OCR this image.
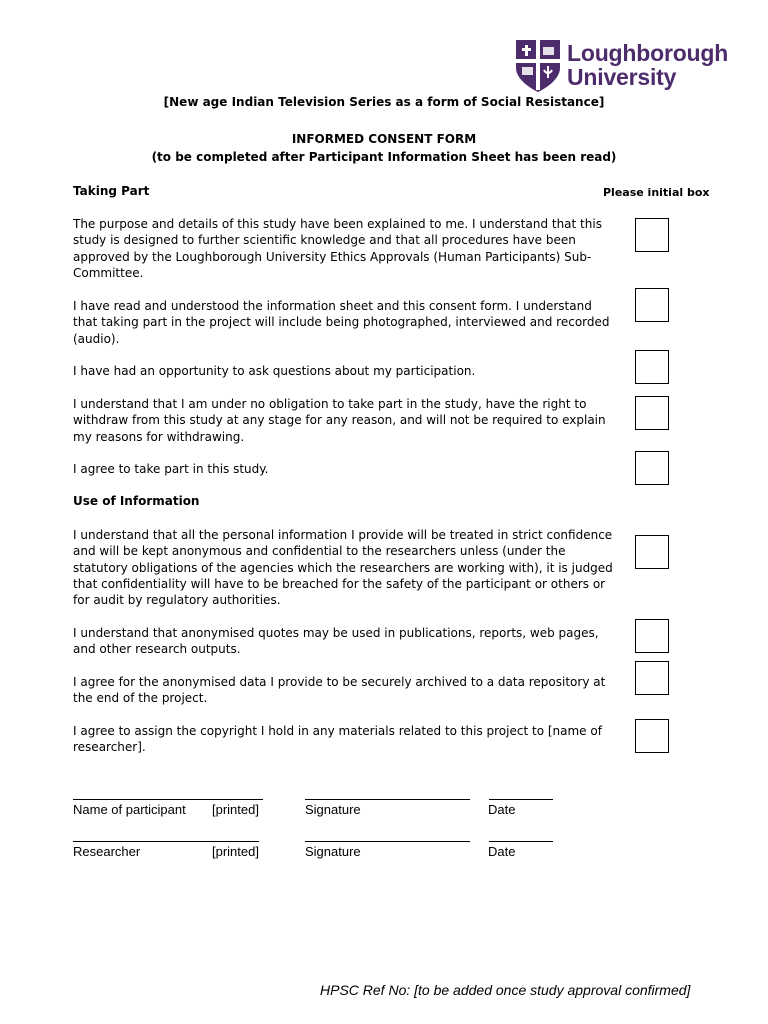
Loughborough
University
[New age Indian Television Series as a form of Social Resistance]
INFORMED CONSENT FORM
(to be completed after Participant Information Sheet has been read)
Taking Part	Please initial box
The purpose and details of this study have been explained to me. I understand that this study is designed to further scientific knowledge and that all procedures have been approved by the Loughborough University Ethics Approvals (Human Participants) Sub-Committee.
I have read and understood the information sheet and this consent form. I understand that taking part in the project will include being photographed, interviewed and recorded (audio).
I have had an opportunity to ask questions about my participation.
I understand that I am under no obligation to take part in the study, have the right to withdraw from this study at any stage for any reason, and will not be required to explain my reasons for withdrawing.
I agree to take part in this study.
Use of Information
I understand that all the personal information I provide will be treated in strict confidence and will be kept anonymous and confidential to the researchers unless (under the statutory obligations of the agencies which the researchers are working with), it is judged that confidentiality will have to be breached for the safety of the participant or others or for audit by regulatory authorities.
I understand that anonymised quotes may be used in publications, reports, web pages, and other research outputs.
I agree for the anonymised data I provide to be securely archived to a data repository at the end of the project.
I agree to assign the copyright I hold in any materials related to this project to [name of researcher].
Name of participant [printed]	Signature	Date
Researcher	[printed]	Signature	Date
HPSC Ref No: [to be added once study approval confirmed]
